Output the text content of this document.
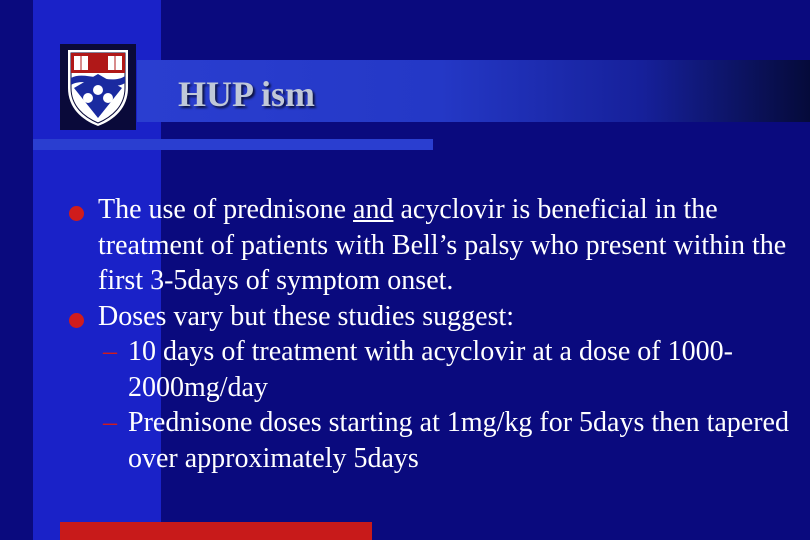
HUP ism
The use of prednisone and acyclovir is beneficial in the treatment of patients with Bell’s palsy who present within the first 3-5days of symptom onset.
Doses vary but these studies suggest:
– 10 days of treatment with acyclovir at a dose of 1000-2000mg/day
– Prednisone doses starting at 1mg/kg for 5days then tapered over approximately 5days
